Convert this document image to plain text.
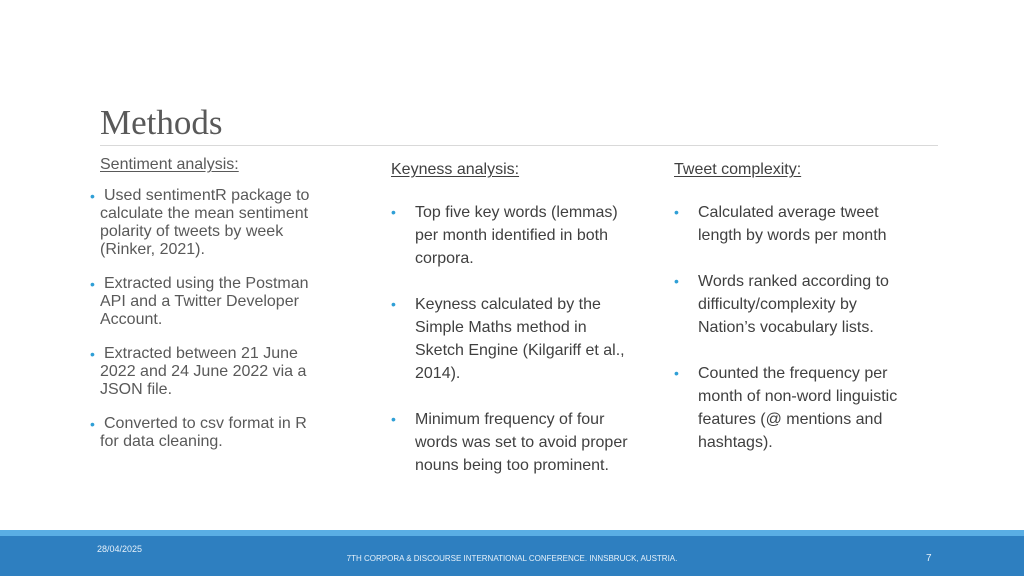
Methods
Sentiment analysis:
• Used sentimentR package to calculate the mean sentiment polarity of tweets by week (Rinker, 2021).
• Extracted using the Postman API and a Twitter Developer Account.
• Extracted between 21 June 2022 and 24 June 2022 via a JSON file.
• Converted to csv format in R for data cleaning.
Keyness analysis:
• Top five key words (lemmas) per month identified in both corpora.
• Keyness calculated by the Simple Maths method in Sketch Engine (Kilgariff et al., 2014).
• Minimum frequency of four words was set to avoid proper nouns being too prominent.
Tweet complexity:
• Calculated average tweet length by words per month
• Words ranked according to difficulty/complexity by Nation’s vocabulary lists.
• Counted the frequency per month of non-word linguistic features (@ mentions and hashtags).
28/04/2025
7TH CORPORA & DISCOURSE INTERNATIONAL CONFERENCE. INNSBRUCK, AUSTRIA.	7
